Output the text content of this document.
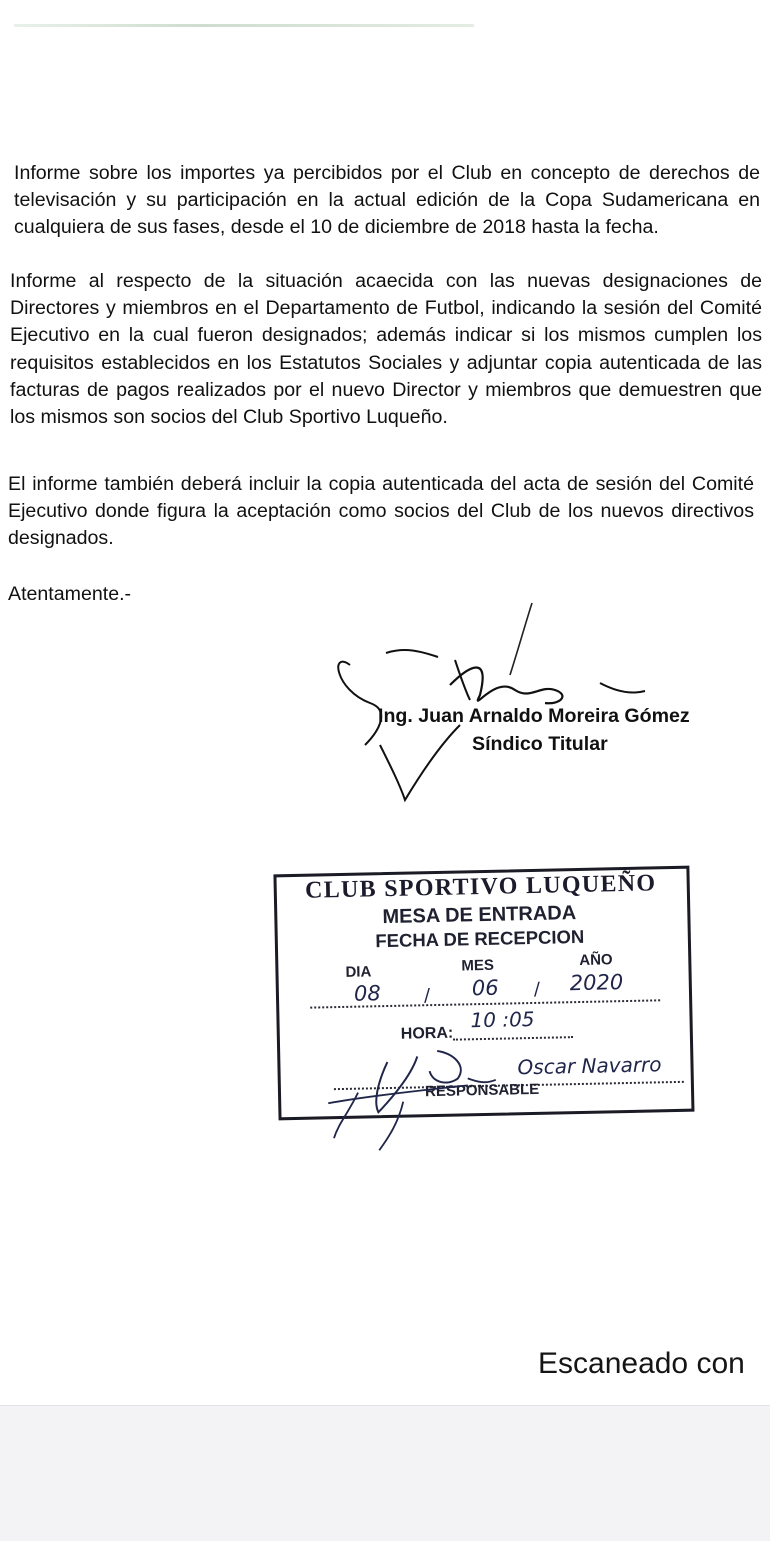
Informe sobre los importes ya percibidos por el Club en concepto de derechos de televisación y su participación en la actual edición de la Copa Sudamericana en cualquiera de sus fases, desde el 10 de diciembre de 2018 hasta la fecha.
Informe al respecto de la situación acaecida con las nuevas designaciones de Directores y miembros en el Departamento de Futbol, indicando la sesión del Comité Ejecutivo en la cual fueron designados; además indicar si los mismos cumplen los requisitos establecidos en los Estatutos Sociales y adjuntar copia autenticada de las facturas de pagos realizados por el nuevo Director y miembros que demuestren que los mismos son socios del Club Sportivo Luqueño.
El informe también deberá incluir la copia autenticada del acta de sesión del Comité Ejecutivo donde figura la aceptación como socios del Club de los nuevos directivos designados.
Atentamente.-
Ing. Juan Arnaldo Moreira Gómez
Síndico Titular
CLUB SPORTIVO LUQUEÑO
MESA DE ENTRADA
FECHA DE RECEPCION
DIA	MES	AÑO
08 / 06 / 2020
HORA:
10 :05
Oscar Navarro
RESPONSABLE
Escaneado con
